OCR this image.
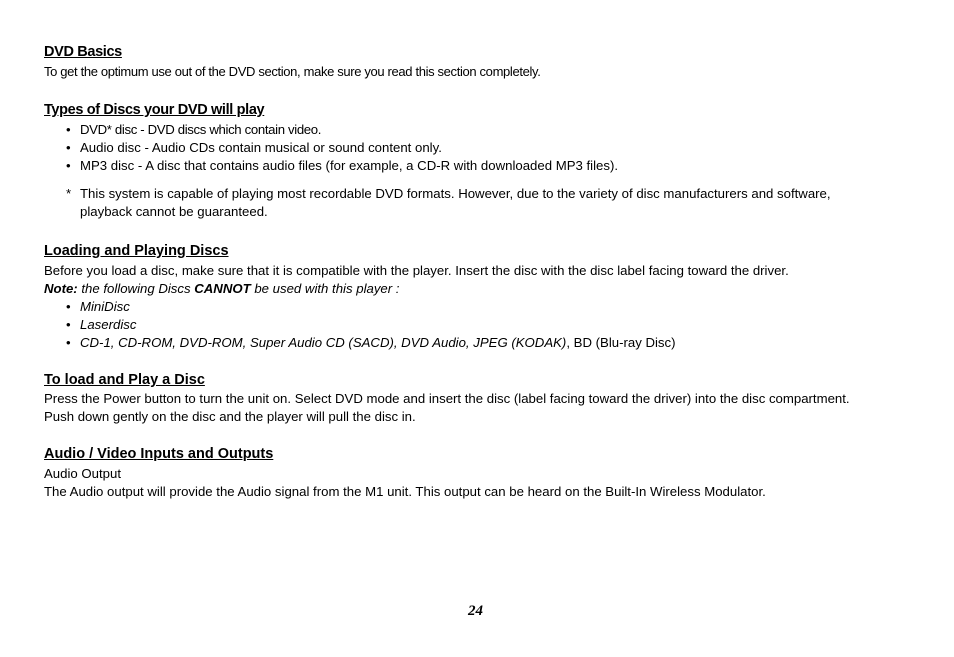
DVD Basics
To get the optimum use out of the DVD section, make sure you read this section completely.
Types of Discs your DVD will play
• DVD* disc - DVD discs which contain video.
• Audio disc - Audio CDs contain musical or sound content only.
• MP3 disc - A disc that contains audio files (for example, a CD-R with downloaded MP3 files).
* This system is capable of playing most recordable DVD formats. However, due to the variety of disc manufacturers and software,
playback cannot be guaranteed.
Loading and Playing Discs
Before you load a disc, make sure that it is compatible with the player. Insert the disc with the disc label facing toward the driver.
Note: the following Discs CANNOT be used with this player :
• MiniDisc
• Laserdisc
• CD-1, CD-ROM, DVD-ROM, Super Audio CD (SACD), DVD Audio, JPEG (KODAK), BD (Blu-ray Disc)
To load and Play a Disc
Press the Power button to turn the unit on. Select DVD mode and insert the disc (label facing toward the driver) into the disc compartment.
Push down gently on the disc and the player will pull the disc in.
Audio / Video Inputs and Outputs
Audio Output
The Audio output will provide the Audio signal from the M1 unit. This output can be heard on the Built-In Wireless Modulator.
24
